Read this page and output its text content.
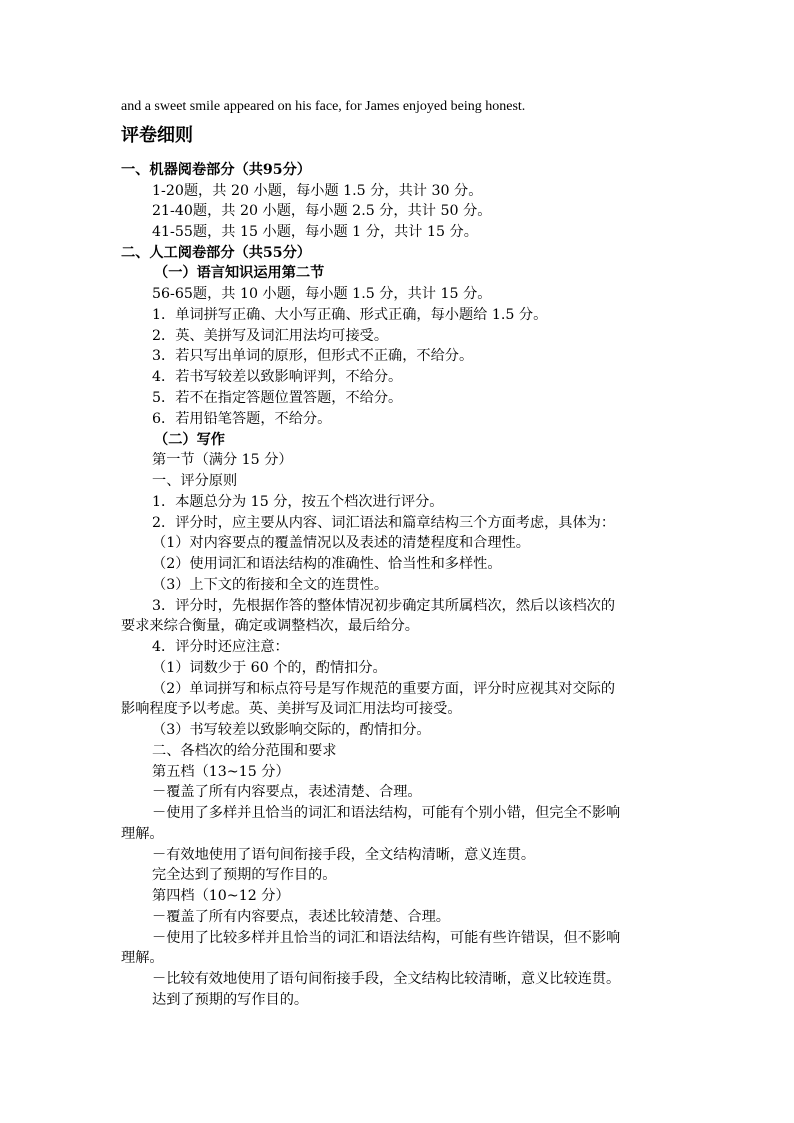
and a sweet smile appeared on his face, for James enjoyed being honest.
评卷细则
一、机器阅卷部分（共95分）
1-20题，共 20 小题，每小题 1.5 分，共计 30 分。
21-40题，共 20 小题，每小题 2.5 分，共计 50 分。
41-55题，共 15 小题，每小题 1 分，共计 15 分。
二、人工阅卷部分（共55分）
（一）语言知识运用第二节
56-65题，共 10 小题，每小题 1.5 分，共计 15 分。
1．单词拼写正确、大小写正确、形式正确，每小题给 1.5 分。
2．英、美拼写及词汇用法均可接受。
3．若只写出单词的原形，但形式不正确，不给分。
4．若书写较差以致影响评判，不给分。
5．若不在指定答题位置答题，不给分。
6．若用铅笔答题，不给分。
（二）写作
第一节（满分 15 分）
一、评分原则
1．本题总分为 15 分，按五个档次进行评分。
2．评分时，应主要从内容、词汇语法和篇章结构三个方面考虑，具体为：
（1）对内容要点的覆盖情况以及表述的清楚程度和合理性。
（2）使用词汇和语法结构的准确性、恰当性和多样性。
（3）上下文的衔接和全文的连贯性。
3．评分时，先根据作答的整体情况初步确定其所属档次，然后以该档次的
要求来综合衡量，确定或调整档次，最后给分。
4．评分时还应注意：
（1）词数少于 60 个的，酌情扣分。
（2）单词拼写和标点符号是写作规范的重要方面，评分时应视其对交际的
影响程度予以考虑。英、美拼写及词汇用法均可接受。
（3）书写较差以致影响交际的，酌情扣分。
二、各档次的给分范围和要求
第五档（13~15 分）
－覆盖了所有内容要点，表述清楚、合理。
－使用了多样并且恰当的词汇和语法结构，可能有个别小错，但完全不影响
理解。
－有效地使用了语句间衔接手段，全文结构清晰，意义连贯。
完全达到了预期的写作目的。
第四档（10~12 分）
－覆盖了所有内容要点，表述比较清楚、合理。
－使用了比较多样并且恰当的词汇和语法结构，可能有些许错误，但不影响
理解。
－比较有效地使用了语句间衔接手段，全文结构比较清晰，意义比较连贯。
达到了预期的写作目的。
